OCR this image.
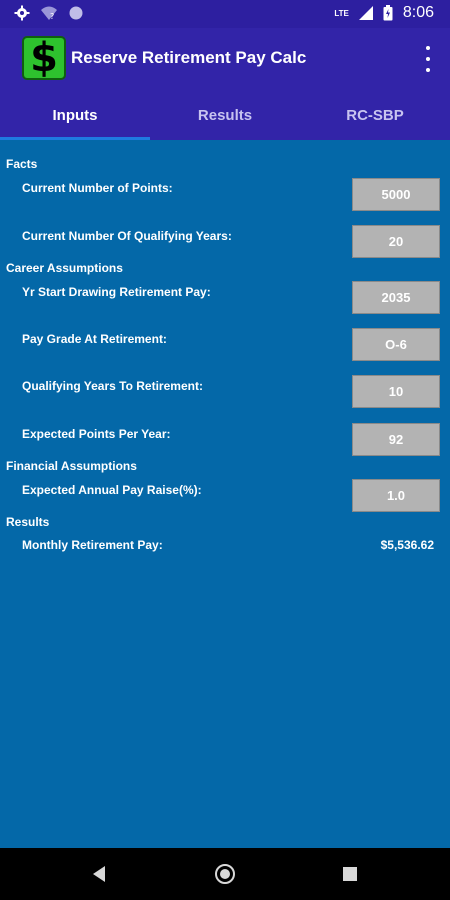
?	LTE	8:06
$ Reserve Retirement Pay Calc
Inputs	Results	RC-SBP
Facts
Current Number of Points:	5000
Current Number Of Qualifying Years:	20
Career Assumptions
Yr Start Drawing Retirement Pay:	2035
Pay Grade At Retirement:	O-6
Qualifying Years To Retirement:	10
Expected Points Per Year:	92
Financial Assumptions
Expected Annual Pay Raise(%):	1.0
Results
Monthly Retirement Pay:	$5,536.62
